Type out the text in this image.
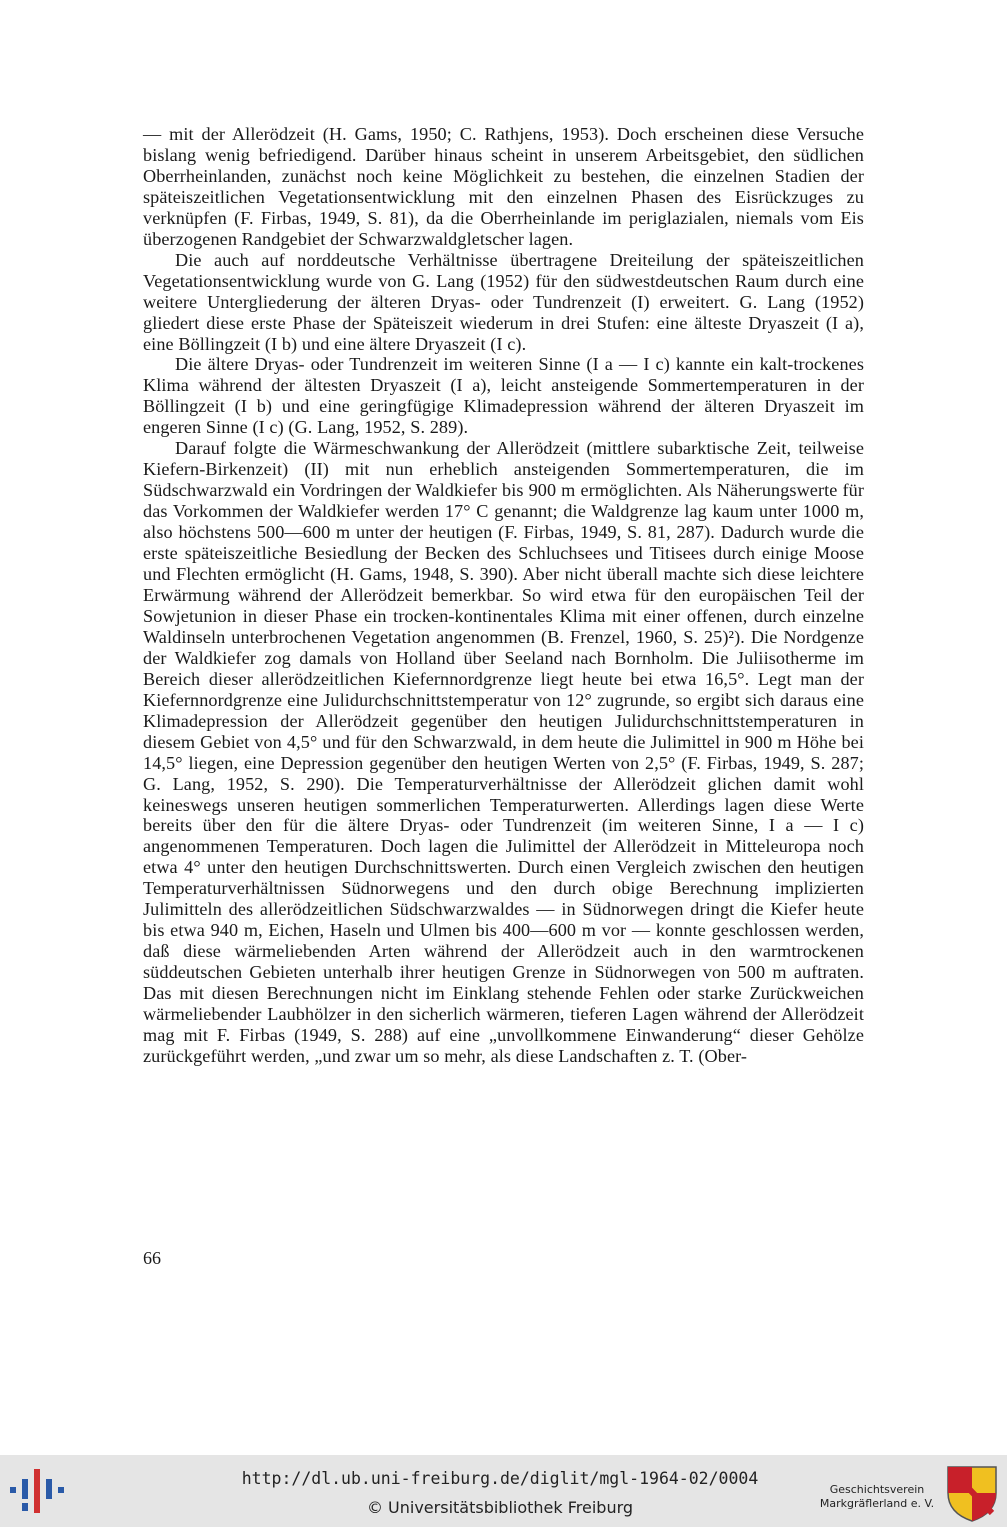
— mit der Allerödzeit (H. Gams, 1950; C. Rathjens, 1953). Doch erscheinen diese Versuche bislang wenig befriedigend. Darüber hinaus scheint in unserem Arbeitsgebiet, den südlichen Oberrheinlanden, zunächst noch keine Möglichkeit zu bestehen, die einzelnen Stadien der späteiszeitlichen Vegetationsentwicklung mit den einzelnen Phasen des Eisrückzuges zu verknüpfen (F. Firbas, 1949, S. 81), da die Oberrheinlande im periglazialen, niemals vom Eis überzogenen Randgebiet der Schwarzwaldgletscher lagen.

Die auch auf norddeutsche Verhältnisse übertragene Dreiteilung der späteiszeitlichen Vegetationsentwicklung wurde von G. Lang (1952) für den südwestdeutschen Raum durch eine weitere Untergliederung der älteren Dryas- oder Tundrenzeit (I) erweitert. G. Lang (1952) gliedert diese erste Phase der Späteiszeit wiederum in drei Stufen: eine älteste Dryaszeit (I a), eine Böllingzeit (I b) und eine ältere Dryaszeit (I c).

Die ältere Dryas- oder Tundrenzeit im weiteren Sinne (I a — I c) kannte ein kalt-trockenes Klima während der ältesten Dryaszeit (I a), leicht ansteigende Sommertemperaturen in der Böllingzeit (I b) und eine geringfügige Klimadepression während der älteren Dryaszeit im engeren Sinne (I c) (G. Lang, 1952, S. 289).

Darauf folgte die Wärmeschwankung der Allerödzeit (mittlere subarktische Zeit, teilweise Kiefern-Birkenzeit) (II) mit nun erheblich ansteigenden Sommertemperaturen, die im Südschwarzwald ein Vordringen der Waldkiefer bis 900 m ermöglichten. Als Näherungswerte für das Vorkommen der Waldkiefer werden 17° C genannt; die Waldgrenze lag kaum unter 1000 m, also höchstens 500—600 m unter der heutigen (F. Firbas, 1949, S. 81, 287). Dadurch wurde die erste späteiszeitliche Besiedlung der Becken des Schluchsees und Titisees durch einige Moose und Flechten ermöglicht (H. Gams, 1948, S. 390). Aber nicht überall machte sich diese leichtere Erwärmung während der Allerödzeit bemerkbar. So wird etwa für den europäischen Teil der Sowjetunion in dieser Phase ein trocken-kontinentales Klima mit einer offenen, durch einzelne Waldinseln unterbrochenen Vegetation angenommen (B. Frenzel, 1960, S. 25)²). Die Nordgenze der Waldkiefer zog damals von Holland über Seeland nach Bornholm. Die Juliisotherme im Bereich dieser allerödzeitlichen Kiefernnordgrenze liegt heute bei etwa 16,5°. Legt man der Kiefernnordgrenze eine Julidurchschnittstemperatur von 12° zugrunde, so ergibt sich daraus eine Klimadepression der Allerödzeit gegenüber den heutigen Julidurchschnittstemperaturen in diesem Gebiet von 4,5° und für den Schwarzwald, in dem heute die Julimittel in 900 m Höhe bei 14,5° liegen, eine Depression gegenüber den heutigen Werten von 2,5° (F. Firbas, 1949, S. 287; G. Lang, 1952, S. 290). Die Temperaturverhältnisse der Allerödzeit glichen damit wohl keineswegs unseren heutigen sommerlichen Temperaturwerten. Allerdings lagen diese Werte bereits über den für die ältere Dryas- oder Tundrenzeit (im weiteren Sinne, I a — I c) angenommenen Temperaturen. Doch lagen die Julimittel der Allerödzeit in Mitteleuropa noch etwa 4° unter den heutigen Durchschnittswerten. Durch einen Vergleich zwischen den heutigen Temperaturverhältnissen Südnorwegens und den durch obige Berechnung implizierten Julimitteln des allerödzeitlichen Südschwarzwaldes — in Südnorwegen dringt die Kiefer heute bis etwa 940 m, Eichen, Haseln und Ulmen bis 400—600 m vor — konnte geschlossen werden, daß diese wärmeliebenden Arten während der Allerödzeit auch in den warmtrockenen süddeutschen Gebieten unterhalb ihrer heutigen Grenze in Südnorwegen von 500 m auftraten. Das mit diesen Berechnungen nicht im Einklang stehende Fehlen oder starke Zurückweichen wärmeliebender Laubhölzer in den sicherlich wärmeren, tieferen Lagen während der Allerödzeit mag mit F. Firbas (1949, S. 288) auf eine „unvollkommene Einwanderung“ dieser Gehölze zurückgeführt werden, „und zwar um so mehr, als diese Landschaften z. T. (Ober-

66
http://dl.ub.uni-freiburg.de/diglit/mgl-1964-02/0004
© Universitätsbibliothek Freiburg
Geschichtsverein
Markgräflerland e. V.
